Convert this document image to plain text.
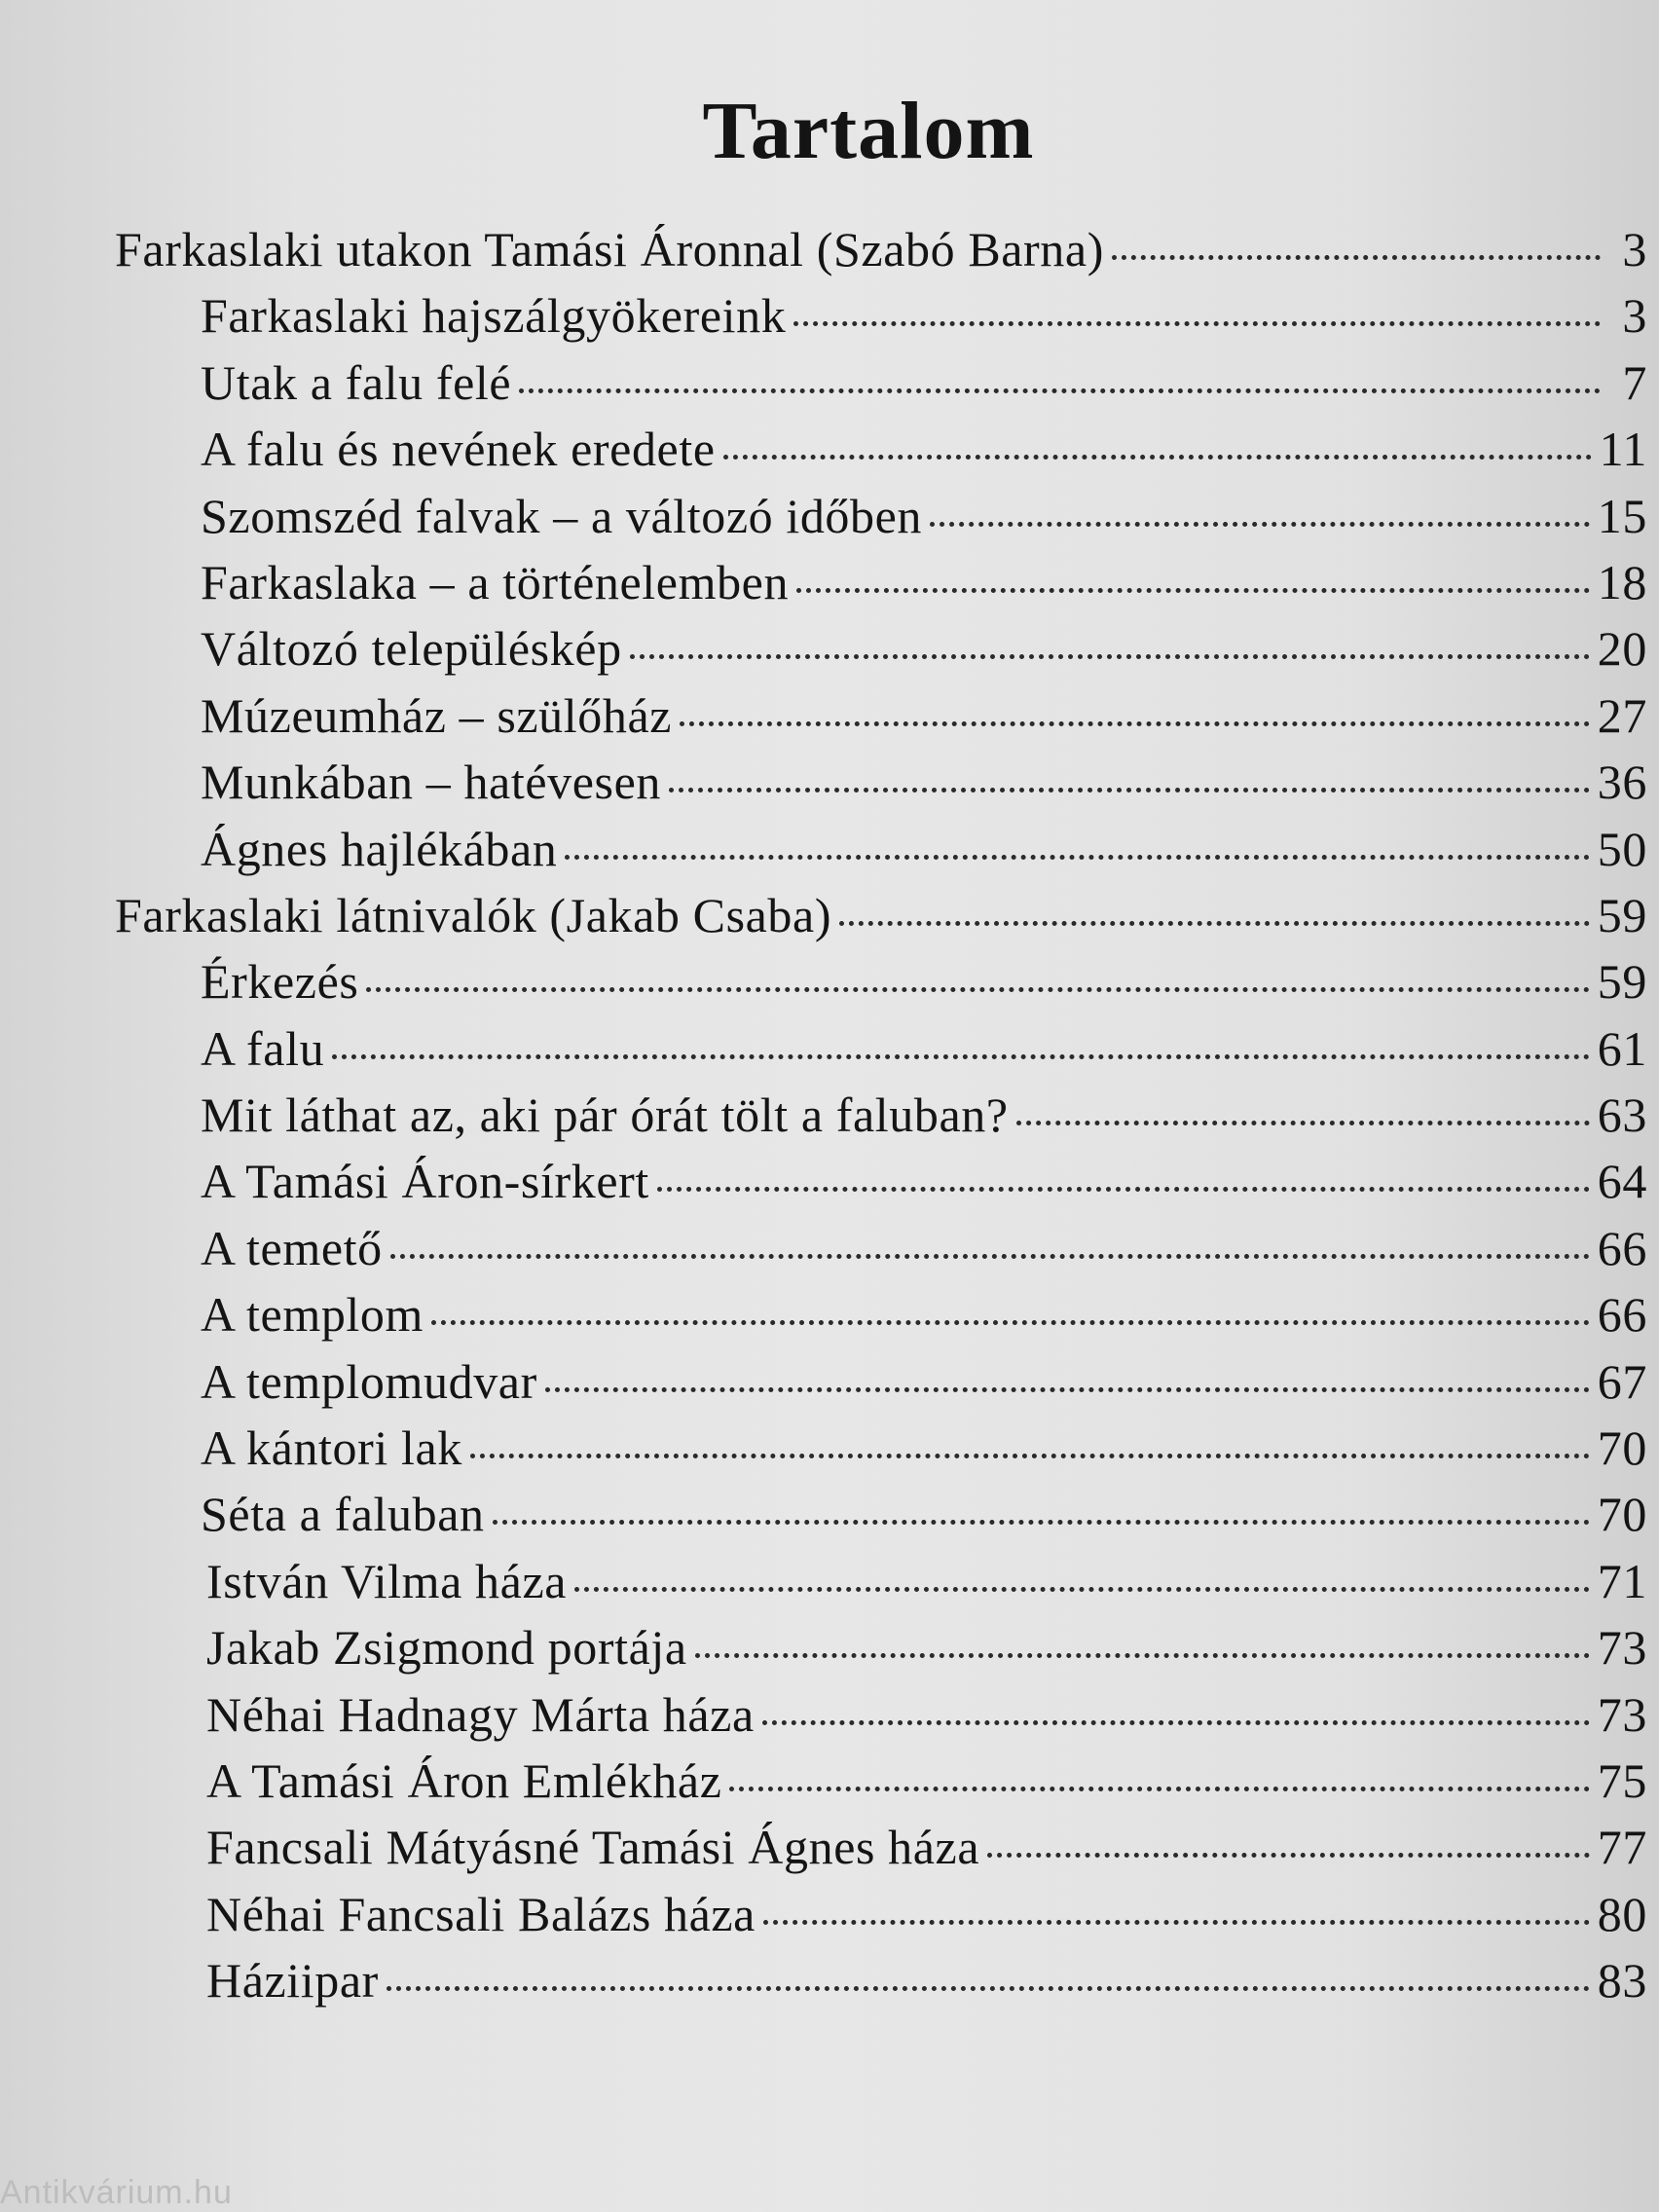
Tartalom
Farkaslaki utakon Tamási Áronnal (Szabó Barna)	3
Farkaslaki hajszálgyökereink	3
Utak a falu felé	7
A falu és nevének eredete	11
Szomszéd falvak – a változó időben	15
Farkaslaka – a történelemben	18
Változó településkép	20
Múzeumház – szülőház	27
Munkában – hatévesen	36
Ágnes hajlékában	50
Farkaslaki látnivalók (Jakab Csaba)	59
Érkezés	59
A falu	61
Mit láthat az, aki pár órát tölt a faluban?	63
A Tamási Áron-sírkert	64
A temető	66
A templom	66
A templomudvar	67
A kántori lak	70
Séta a faluban	70
István Vilma háza	71
Jakab Zsigmond portája	73
Néhai Hadnagy Márta háza	73
A Tamási Áron Emlékház	75
Fancsali Mátyásné Tamási Ágnes háza	77
Néhai Fancsali Balázs háza	80
Háziipar	83
Antikvárium.hu
